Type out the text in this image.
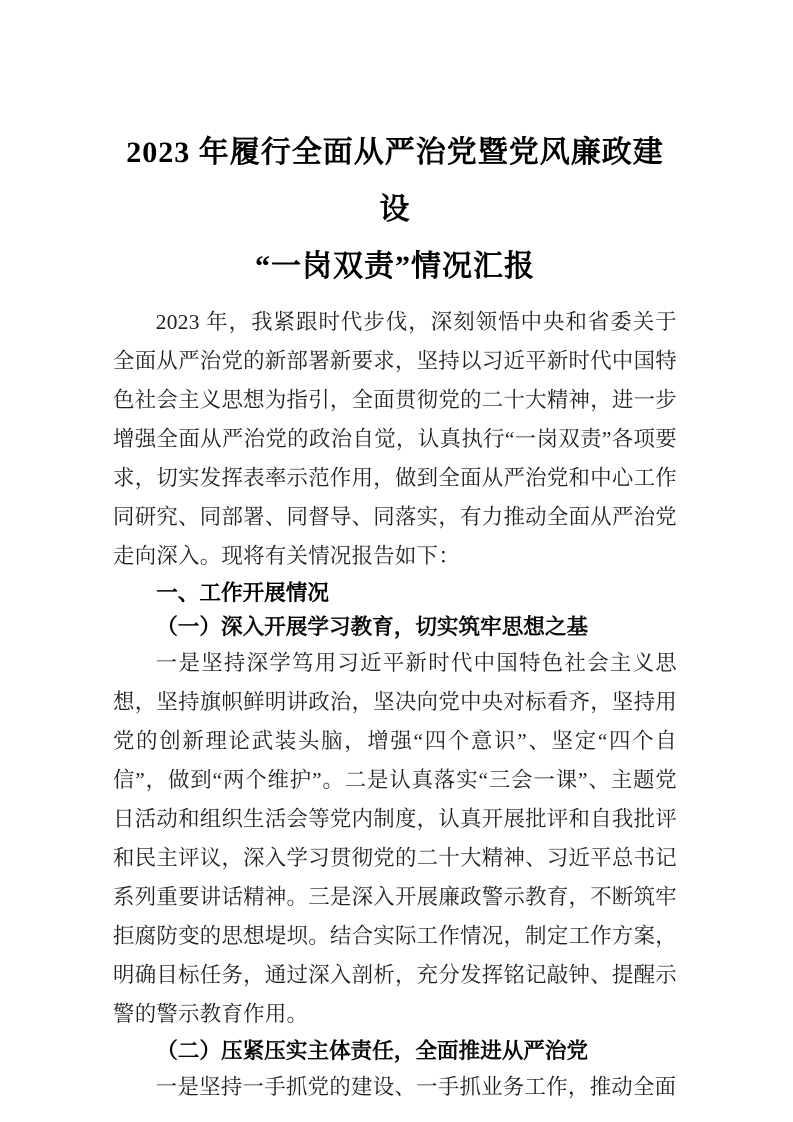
2023 年履行全面从严治党暨党风廉政建设
“一岗双责”情况汇报
2023 年，我紧跟时代步伐，深刻领悟中央和省委关于全面从严治党的新部署新要求，坚持以习近平新时代中国特色社会主义思想为指引，全面贯彻党的二十大精神，进一步增强全面从严治党的政治自觉，认真执行“一岗双责”各项要求，切实发挥表率示范作用，做到全面从严治党和中心工作同研究、同部署、同督导、同落实，有力推动全面从严治党走向深入。现将有关情况报告如下：
一、工作开展情况
（一）深入开展学习教育，切实筑牢思想之基
一是坚持深学笃用习近平新时代中国特色社会主义思想，坚持旗帜鲜明讲政治，坚决向党中央对标看齐，坚持用党的创新理论武装头脑，增强“四个意识”、坚定“四个自信”，做到“两个维护”。二是认真落实“三会一课”、主题党日活动和组织生活会等党内制度，认真开展批评和自我批评和民主评议，深入学习贯彻党的二十大精神、习近平总书记系列重要讲话精神。三是深入开展廉政警示教育，不断筑牢拒腐防变的思想堤坝。结合实际工作情况，制定工作方案，明确目标任务，通过深入剖析，充分发挥铭记敲钟、提醒示警的警示教育作用。
（二）压紧压实主体责任，全面推进从严治党
一是坚持一手抓党的建设、一手抓业务工作，推动全面
